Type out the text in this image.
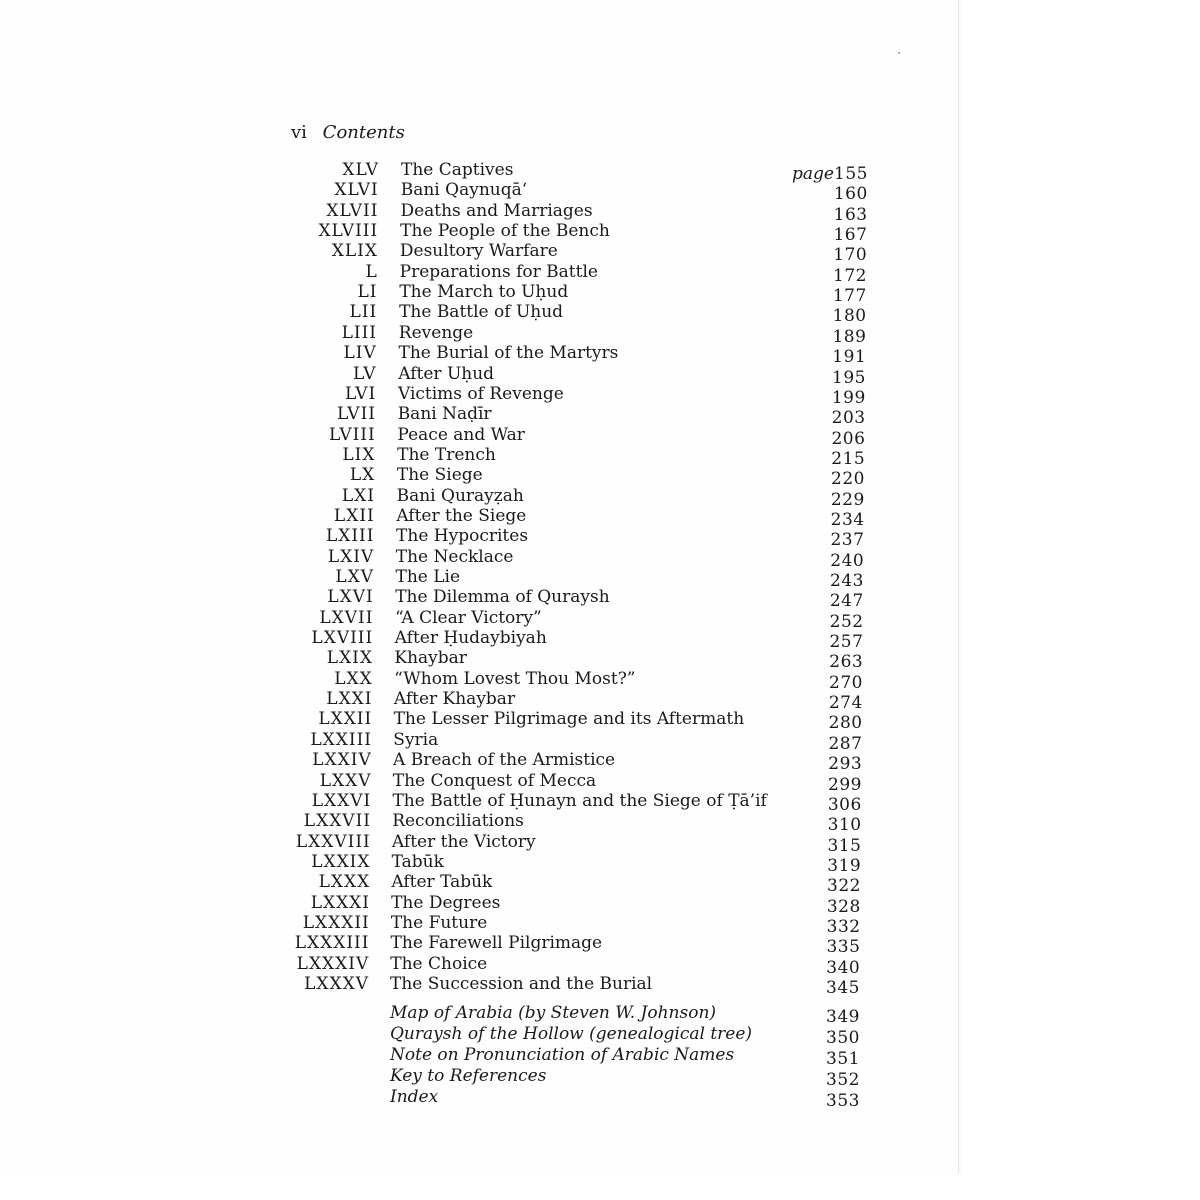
vi Contents
page
XLV The Captives	155
XLVI Bani Qaynuqā‘	160
XLVII Deaths and Marriages	163
XLVIII The People of the Bench	167
XLIX Desultory Warfare	170
L Preparations for Battle	172
LI The March to Uḥud	177
LII The Battle of Uḥud	180
LIII Revenge	189
LIV The Burial of the Martyrs	191
LV After Uḥud	195
LVI Victims of Revenge	199
LVII Bani Naḍīr	203
LVIII Peace and War	206
LIX The Trench	215
LX The Siege	220
LXI Bani Qurayẓah	229
LXII After the Siege	234
LXIII The Hypocrites	237
LXIV The Necklace	240
LXV The Lie	243
LXVI The Dilemma of Quraysh	247
LXVII “A Clear Victory”	252
LXVIII After Ḥudaybiyah	257
LXIX Khaybar	263
LXX “Whom Lovest Thou Most?”	270
LXXI After Khaybar	274
LXXII The Lesser Pilgrimage and its Aftermath	280
LXXIII Syria	287
LXXIV A Breach of the Armistice	293
LXXV The Conquest of Mecca	299
LXXVI The Battle of Ḥunayn and the Siege of Ṭā’if	306
LXXVII Reconciliations	310
LXXVIII After the Victory	315
LXXIX Tabūk	319
LXXX After Tabūk	322
LXXXI The Degrees	328
LXXXII The Future	332
LXXXIII The Farewell Pilgrimage	335
LXXXIV The Choice	340
LXXXV The Succession and the Burial	345
Map of Arabia (by Steven W. Johnson)	349
Quraysh of the Hollow (genealogical tree)	350
Note on Pronunciation of Arabic Names	351
Key to References	352
Index	353
